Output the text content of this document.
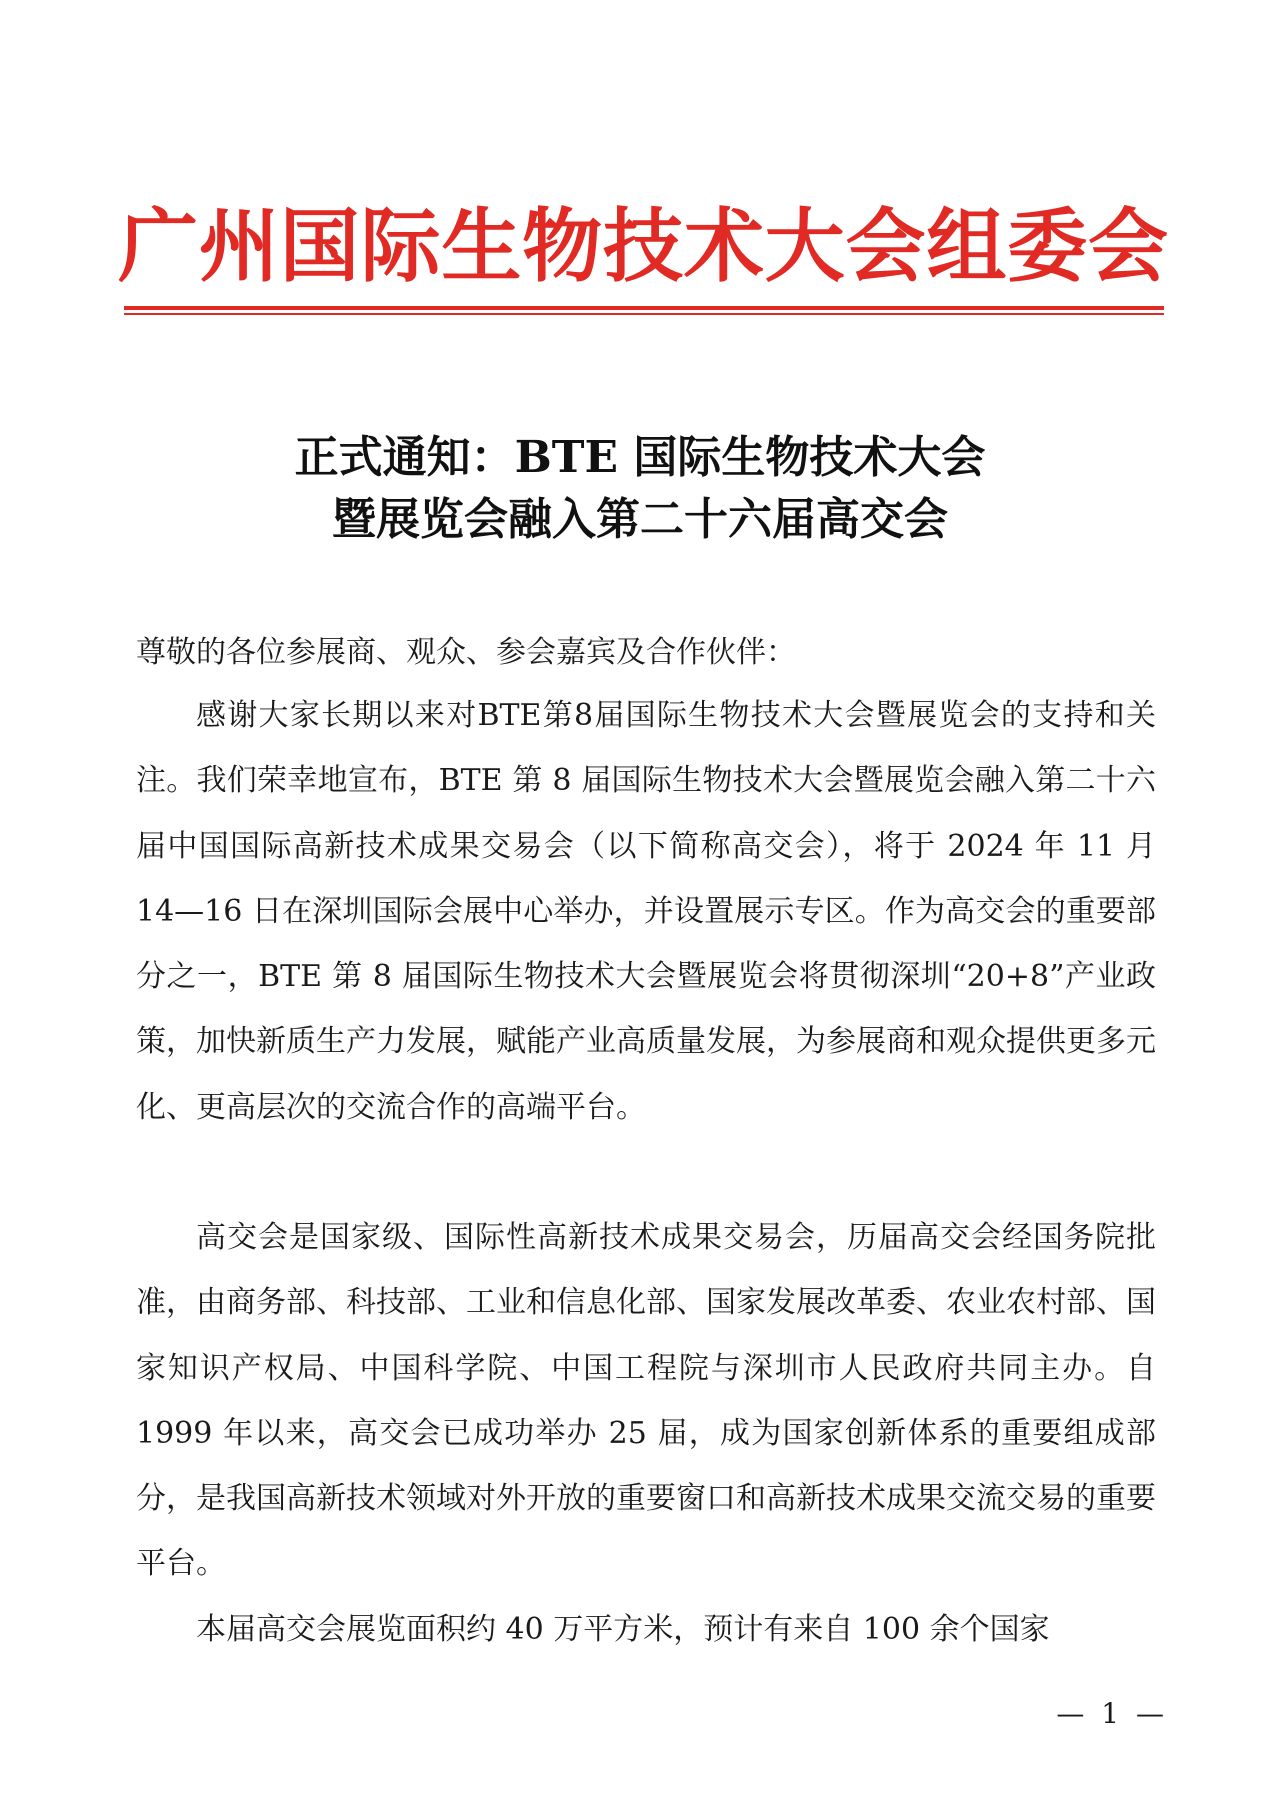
广州国际生物技术大会组委会
正式通知：BTE 国际生物技术大会
暨展览会融入第二十六届高交会
尊敬的各位参展商、观众、参会嘉宾及合作伙伴：

感谢大家长期以来对BTE第8届国际生物技术大会暨展览会的支持和关注。我们荣幸地宣布，BTE 第 8 届国际生物技术大会暨展览会融入第二十六届中国国际高新技术成果交易会（以下简称高交会），将于 2024 年 11 月 14—16 日在深圳国际会展中心举办，并设置展示专区。作为高交会的重要部分之一，BTE 第 8 届国际生物技术大会暨展览会将贯彻深圳“20+8”产业政策，加快新质生产力发展，赋能产业高质量发展，为参展商和观众提供更多元化、更高层次的交流合作的高端平台。

高交会是国家级、国际性高新技术成果交易会，历届高交会经国务院批准，由商务部、科技部、工业和信息化部、国家发展改革委、农业农村部、国家知识产权局、中国科学院、中国工程院与深圳市人民政府共同主办。自 1999 年以来，高交会已成功举办 25 届，成为国家创新体系的重要组成部分，是我国高新技术领域对外开放的重要窗口和高新技术成果交流交易的重要平台。

本届高交会展览面积约 40 万平方米，预计有来自 100 余个国家

— 1 —
